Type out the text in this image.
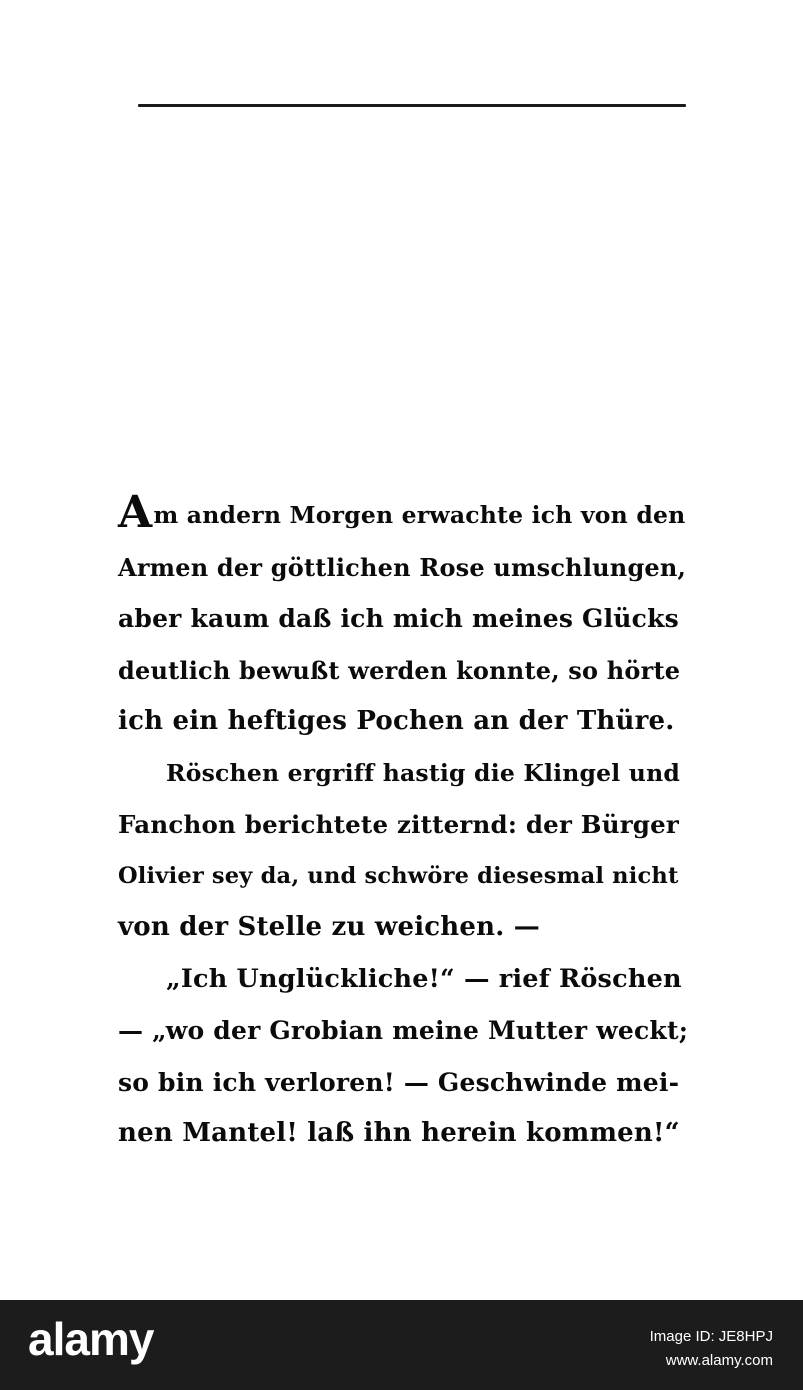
Am andern Morgen erwachte ich von den
Armen der göttlichen Rose umschlungen,
aber kaum daß ich mich meines Glücks
deutlich bewußt werden konnte, so hörte
ich ein heftiges Pochen an der Thüre.
Röschen ergriff hastig die Klingel und
Fanchon berichtete zitternd: der Bürger
Olivier sey da, und schwöre diesesmal nicht
von der Stelle zu weichen. —
„Ich Unglückliche!“ — rief Röschen
— „wo der Grobian meine Mutter weckt;
so bin ich verloren! — Geschwinde mei-
nen Mantel! laß ihn herein kommen!“
alamy	Image ID: JE8HPJ
www.alamy.com
